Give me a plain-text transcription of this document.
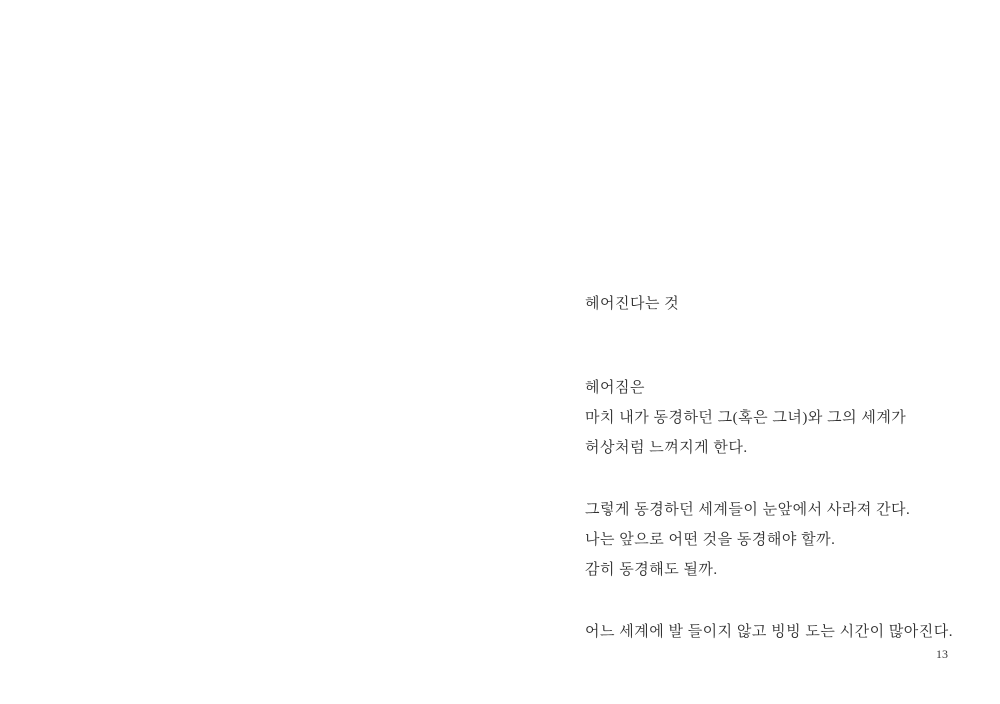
헤어진다는 것

헤어짐은

마치 내가 동경하던 그(혹은 그녀)와 그의 세계가

허상처럼 느껴지게 한다.

그렇게 동경하던 세계들이 눈앞에서 사라져 간다.

나는 앞으로 어떤 것을 동경해야 할까.

감히 동경해도 될까.

어느 세계에 발 들이지 않고 빙빙 도는 시간이 많아진다.

13
